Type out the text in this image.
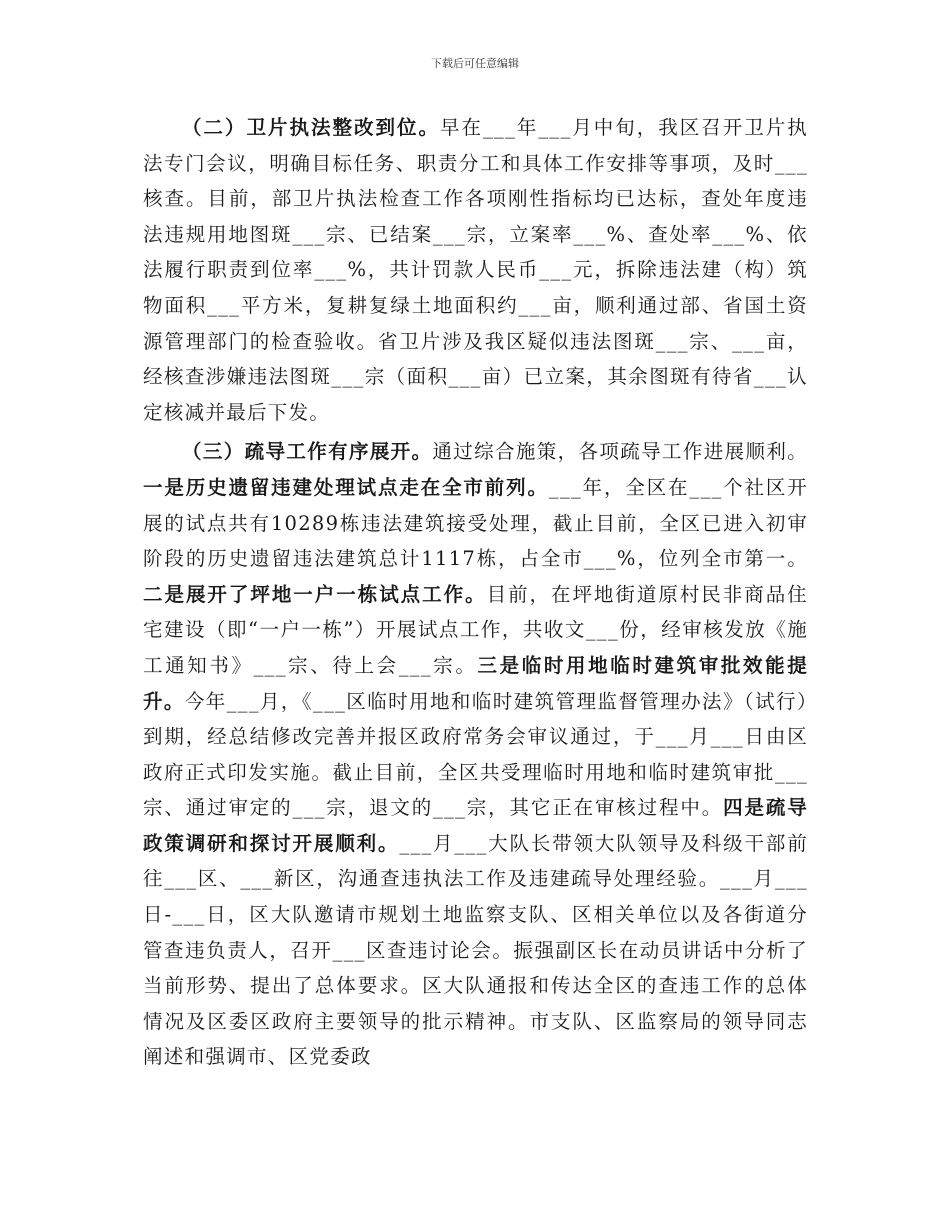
下载后可任意编辑

（二）卫片执法整改到位。早在___年___月中旬，我区召开卫片执法专门会议，明确目标任务、职责分工和具体工作安排等事项，及时___核查。目前，部卫片执法检查工作各项刚性指标均已达标，查处年度违法违规用地图斑___宗、已结案___宗，立案率___%、查处率___%、依法履行职责到位率___%，共计罚款人民币___元，拆除违法建（构）筑物面积___平方米，复耕复绿土地面积约___亩，顺利通过部、省国土资源管理部门的检查验收。省卫片涉及我区疑似违法图斑___宗、___亩，经核查涉嫌违法图斑___宗（面积___亩）已立案，其余图斑有待省___认定核减并最后下发。

（三）疏导工作有序展开。通过综合施策，各项疏导工作进展顺利。一是历史遗留违建处理试点走在全市前列。___年，全区在___个社区开展的试点共有10289栋违法建筑接受处理，截止目前，全区已进入初审阶段的历史遗留违法建筑总计1117栋，占全市___%，位列全市第一。二是展开了坪地一户一栋试点工作。目前，在坪地街道原村民非商品住宅建设（即“一户一栋”）开展试点工作，共收文___份，经审核发放《施工通知书》___宗、待上会___宗。三是临时用地临时建筑审批效能提升。今年___月，《___区临时用地和临时建筑管理监督管理办法》（试行）到期，经总结修改完善并报区政府常务会审议通过，于___月___日由区政府正式印发实施。截止目前，全区共受理临时用地和临时建筑审批___宗、通过审定的___宗，退文的___宗，其它正在审核过程中。四是疏导政策调研和探讨开展顺利。___月___大队长带领大队领导及科级干部前往___区、___新区，沟通查违执法工作及违建疏导处理经验。___月___日-___日，区大队邀请市规划土地监察支队、区相关单位以及各街道分管查违负责人，召开___区查违讨论会。振强副区长在动员讲话中分析了当前形势、提出了总体要求。区大队通报和传达全区的查违工作的总体情况及区委区政府主要领导的批示精神。市支队、区监察局的领导同志阐述和强调市、区党委政
